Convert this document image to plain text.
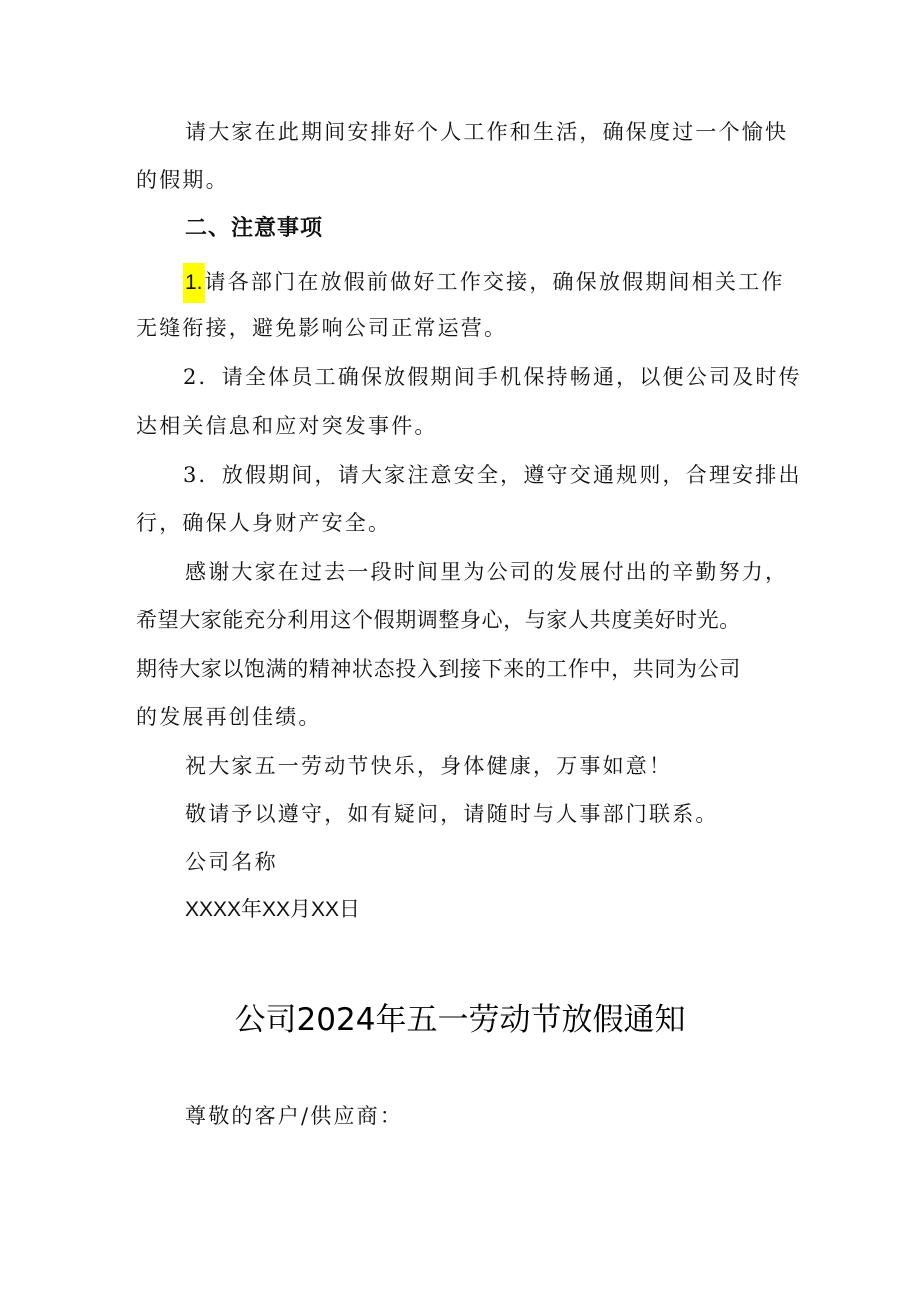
请大家在此期间安排好个人工作和生活，确保度过一个愉快
的假期。
二、注意事项
1.请各部门在放假前做好工作交接，确保放假期间相关工作
无缝衔接，避免影响公司正常运营。
2．请全体员工确保放假期间手机保持畅通，以便公司及时传
达相关信息和应对突发事件。
3．放假期间，请大家注意安全，遵守交通规则，合理安排出
行，确保人身财产安全。
感谢大家在过去一段时间里为公司的发展付出的辛勤努力，
希望大家能充分利用这个假期调整身心，与家人共度美好时光。
期待大家以饱满的精神状态投入到接下来的工作中，共同为公司
的发展再创佳绩。
祝大家五一劳动节快乐，身体健康，万事如意！
敬请予以遵守，如有疑问，请随时与人事部门联系。
公司名称
XXXX年XX月XX日
公司2024年五一劳动节放假通知
尊敬的客户/供应商：
